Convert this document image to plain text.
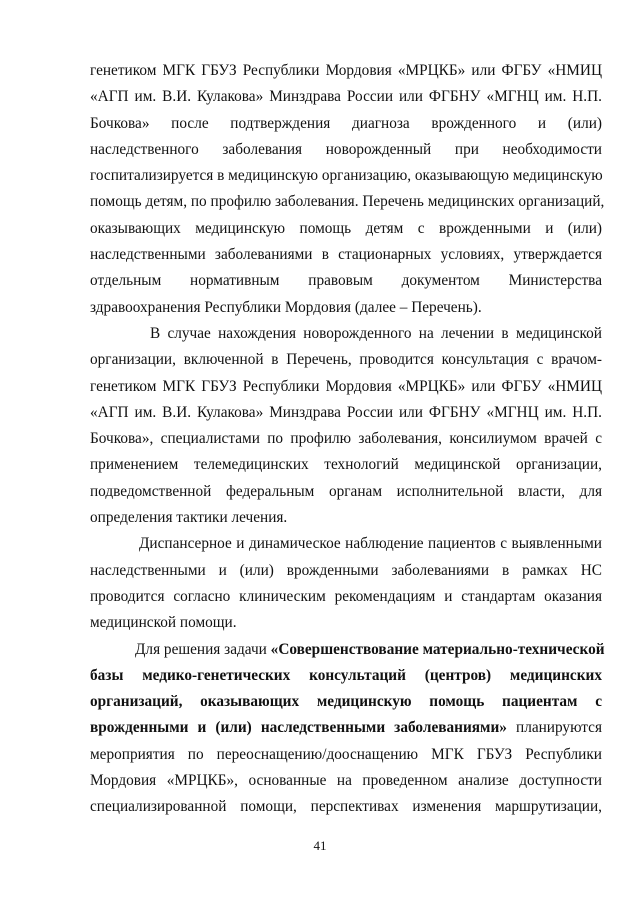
генетиком МГК ГБУЗ Республики Мордовия «МРЦКБ» или ФГБУ «НМИЦ
«АГП им. В.И. Кулакова» Минздрава России или ФГБНУ «МГНЦ им. Н.П.
Бочкова» после подтверждения диагноза врожденного и (или)
наследственного заболевания новорожденный при необходимости
госпитализируется в медицинскую организацию, оказывающую медицинскую
помощь детям, по профилю заболевания. Перечень медицинских организаций,
оказывающих медицинскую помощь детям с врожденными и (или)
наследственными заболеваниями в стационарных условиях, утверждается
отдельным нормативным правовым документом Министерства
здравоохранения Республики Мордовия (далее – Перечень).
В случае нахождения новорожденного на лечении в медицинской
организации, включенной в Перечень, проводится консультация с врачом-
генетиком МГК ГБУЗ Республики Мордовия «МРЦКБ» или ФГБУ «НМИЦ
«АГП им. В.И. Кулакова» Минздрава России или ФГБНУ «МГНЦ им. Н.П.
Бочкова», специалистами по профилю заболевания, консилиумом врачей с
применением телемедицинских технологий медицинской организации,
подведомственной федеральным органам исполнительной власти, для
определения тактики лечения.
Диспансерное и динамическое наблюдение пациентов с выявленными
наследственными и (или) врожденными заболеваниями в рамках НС
проводится согласно клиническим рекомендациям и стандартам оказания
медицинской помощи.
Для решения задачи «Совершенствование материально-технической
базы медико-генетических консультаций (центров) медицинских
организаций, оказывающих медицинскую помощь пациентам с
врожденными и (или) наследственными заболеваниями» планируются
мероприятия по переоснащению/дооснащению МГК ГБУЗ Республики
Мордовия «МРЦКБ», основанные на проведенном анализе доступности
специализированной помощи, перспективах изменения маршрутизации,
41
